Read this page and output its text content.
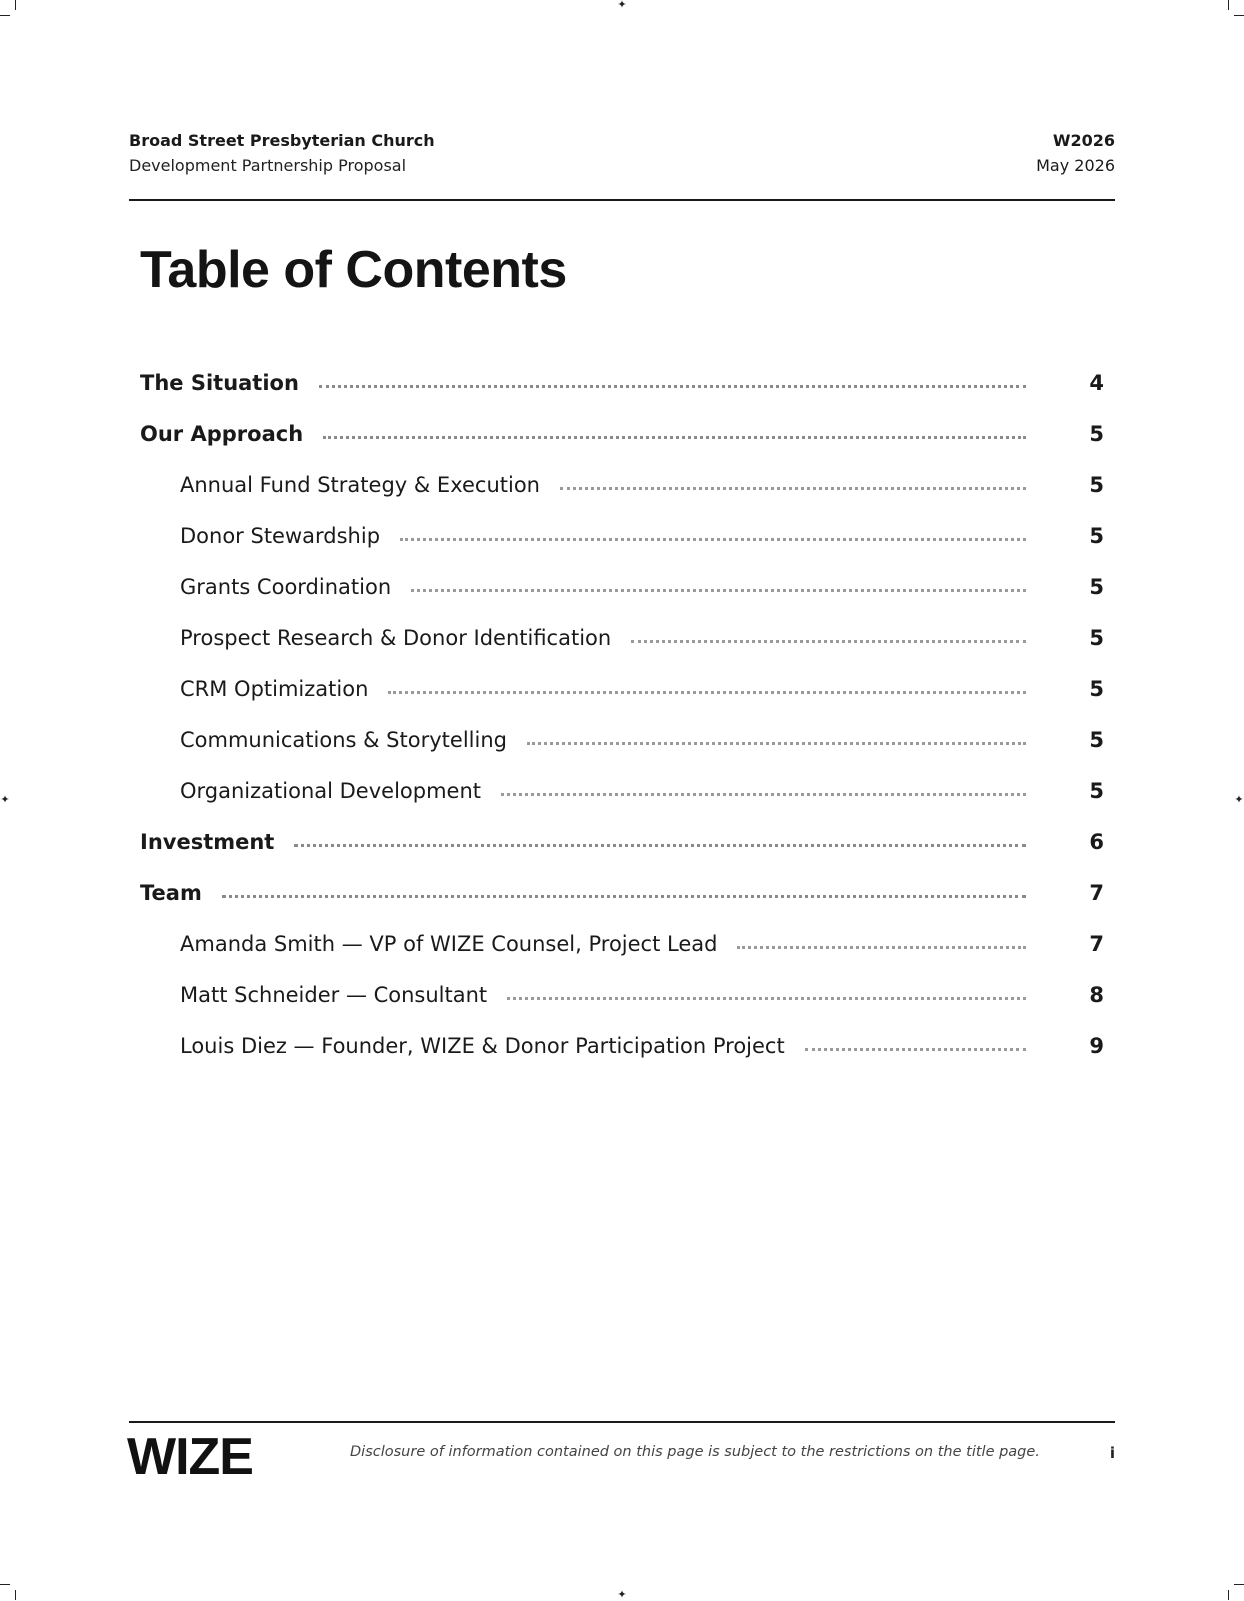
✦
✦
✦	✦
Broad Street Presbyterian Church
Development Partnership Proposal
W2026
May 2026
Table of Contents
The Situation	4
Our Approach	5
Annual Fund Strategy & Execution	5
Donor Stewardship	5
Grants Coordination	5
Prospect Research & Donor Identification	5
CRM Optimization	5
Communications & Storytelling	5
Organizational Development	5
Investment	6
Team	7
Amanda Smith — VP of WIZE Counsel, Project Lead	7
Matt Schneider — Consultant	8
Louis Diez — Founder, WIZE & Donor Participation Project	9
WIZE	Disclosure of information contained on this page is subject to the restrictions on the title page.	i
